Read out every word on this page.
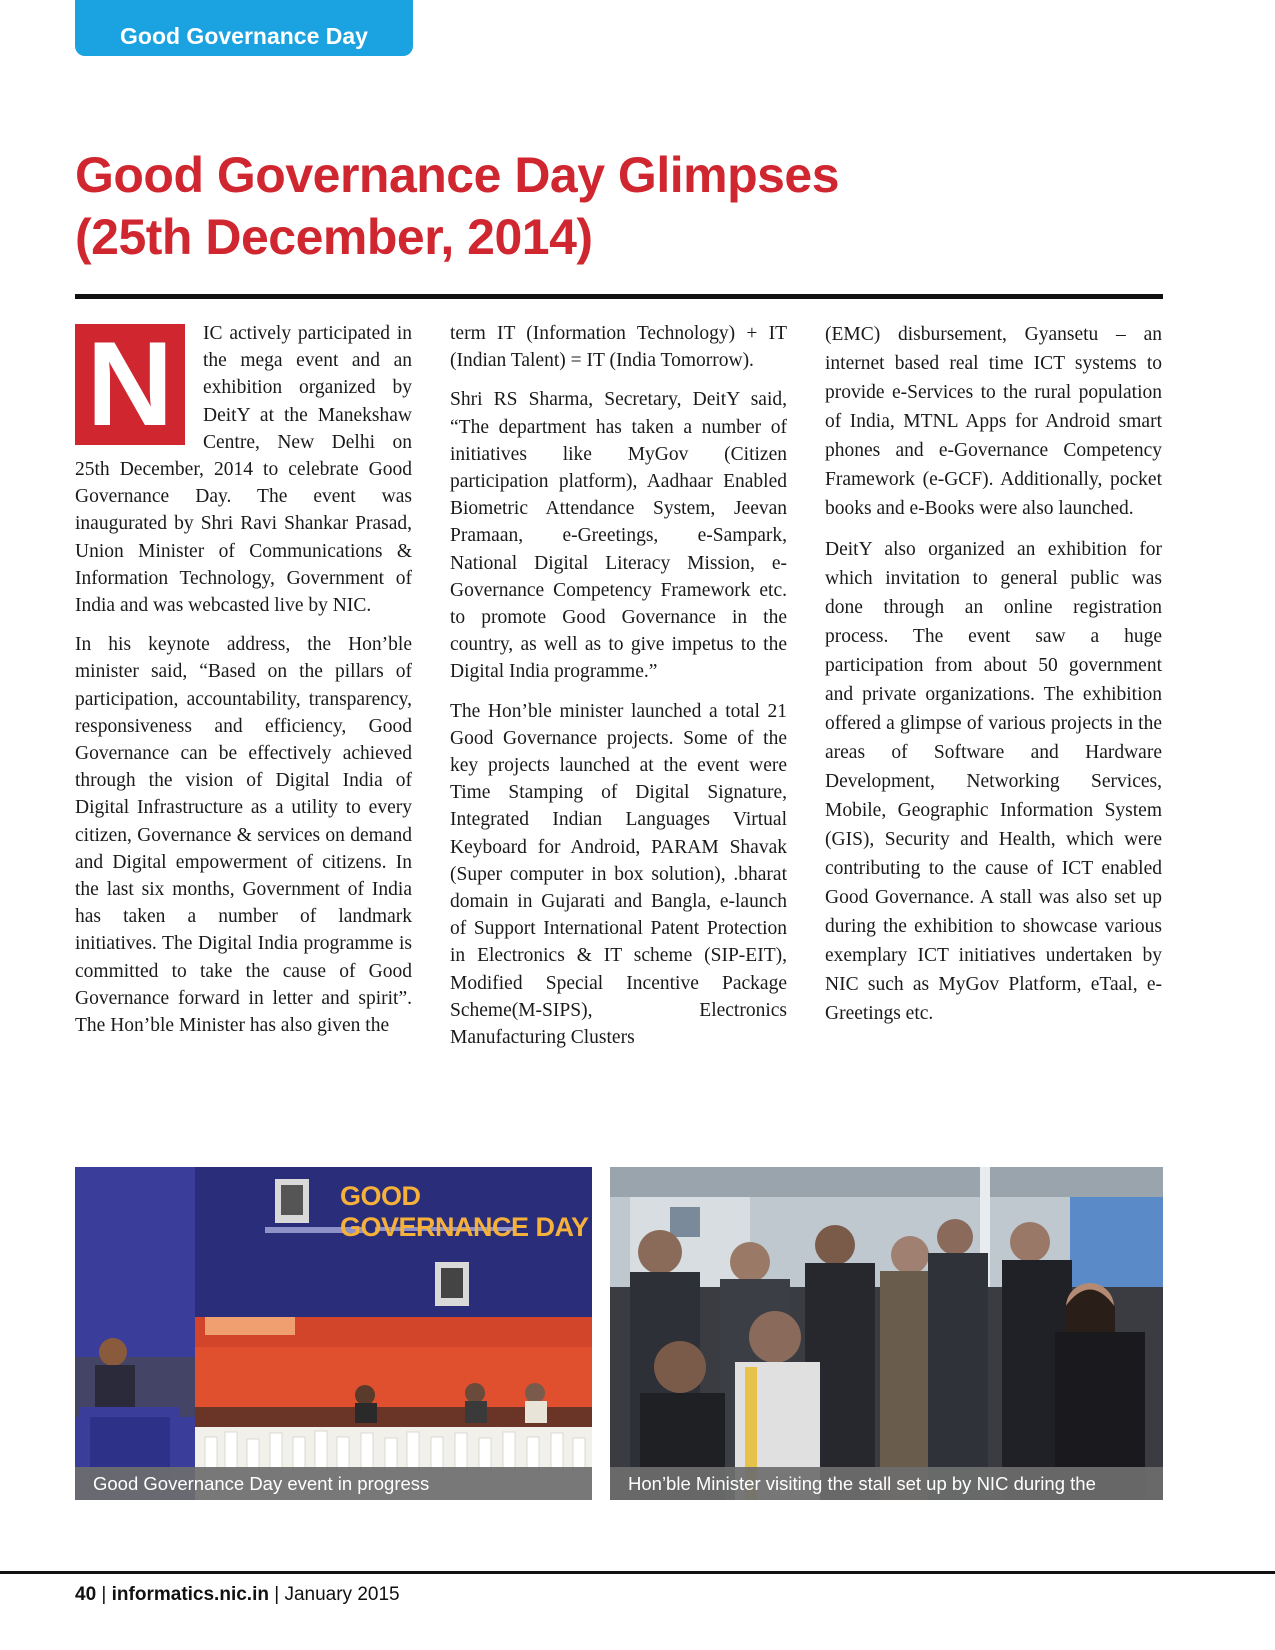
Good Governance Day
Good Governance Day Glimpses
(25th December, 2014)
N	IC actively participated in the mega event and an exhibition organized by DeitY at the Manekshaw Centre, New Delhi on 25th December, 2014 to celebrate Good Governance Day. The event was inaugurated by Shri Ravi Shankar Prasad, Union Minister of Communications & Information Technology, Government of India and was webcasted live by NIC.

In his keynote address, the Hon’ble minister said, “Based on the pillars of participation, accountability, transparency, responsiveness and efficiency, Good Governance can be effectively achieved through the vision of Digital India of Digital Infrastructure as a utility to every citizen, Governance & services on demand and Digital empowerment of citizens. In the last six months, Government of India has taken a number of landmark initiatives. The Digital India programme is committed to take the cause of Good Governance forward in letter and spirit”. The Hon’ble Minister has also given the

term IT (Information Technology) + IT (Indian Talent) = IT (India Tomorrow).

Shri RS Sharma, Secretary, DeitY said, “The department has taken a number of initiatives like MyGov (Citizen participation platform), Aadhaar Enabled Biometric Attendance System, Jeevan Pramaan, e-Greetings, e-Sampark, National Digital Literacy Mission, e-Governance Competency Framework etc. to promote Good Governance in the country, as well as to give impetus to the Digital India programme.”

The Hon’ble minister launched a total 21 Good Governance projects. Some of the key projects launched at the event were Time Stamping of Digital Signature, Integrated Indian Languages Virtual Keyboard for Android, PARAM Shavak (Super computer in box solution), .bharat domain in Gujarati and Bangla, e-launch of Support International Patent Protection in Electronics & IT scheme (SIP-EIT), Modified Special Incentive Package Scheme(M-SIPS), Electronics Manufacturing Clusters

(EMC) disbursement, Gyansetu – an internet based real time ICT systems to provide e-Services to the rural population of India, MTNL Apps for Android smart phones and e-Governance Competency Framework (e-GCF). Additionally, pocket books and e-Books were also launched.

DeitY also organized an exhibition for which invitation to general public was done through an online registration process. The event saw a huge participation from about 50 government and private organizations. The exhibition offered a glimpse of various projects in the areas of Software and Hardware Development, Networking Services, Mobile, Geographic Information System (GIS), Security and Health, which were contributing to the cause of ICT enabled Good Governance. A stall was also set up during the exhibition to showcase various exemplary ICT initiatives undertaken by NIC such as MyGov Platform, eTaal, e-Greetings etc.

GOOD GOVERNANCE DAY
Good Governance Day event in progress	Hon’ble Minister visiting the stall set up by NIC during the exhibition
40 | informatics.nic.in | January 2015
